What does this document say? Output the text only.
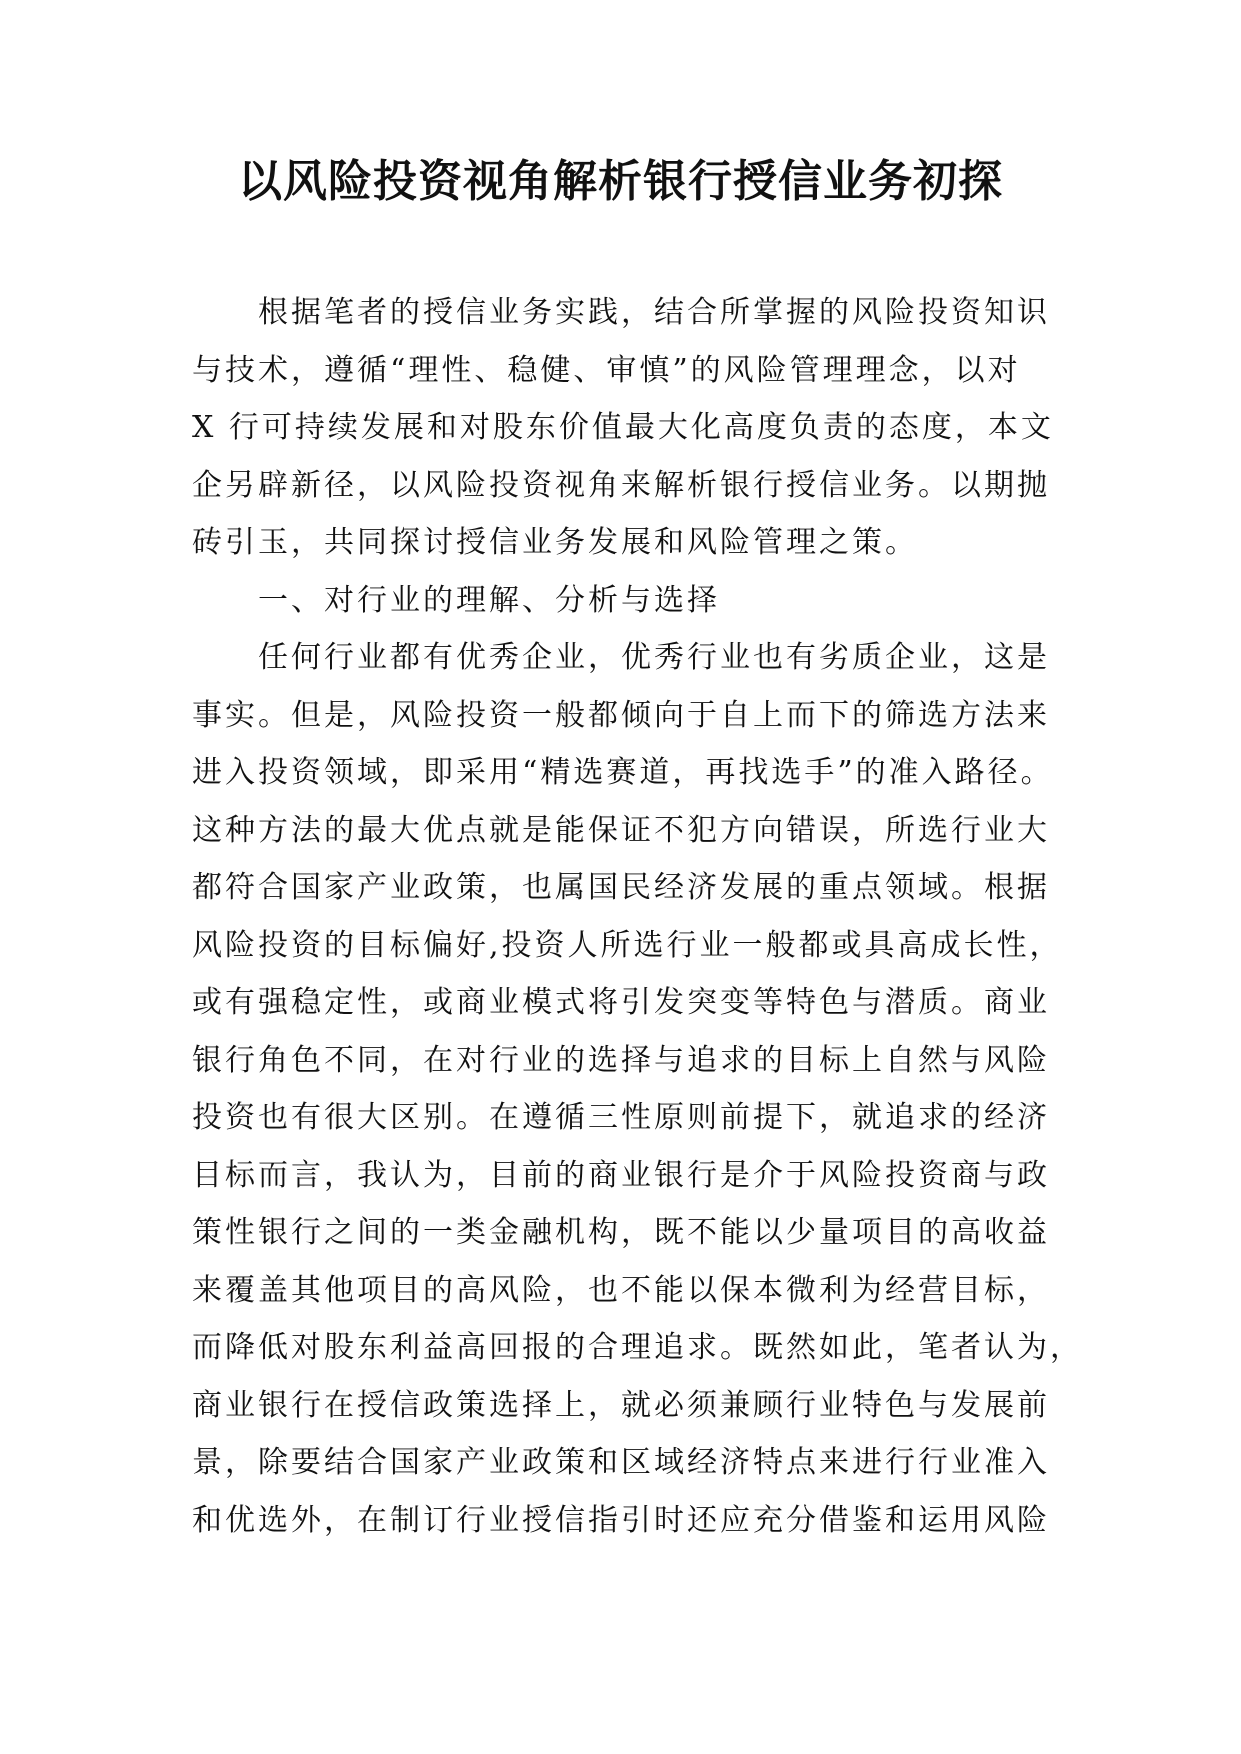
以风险投资视角解析银行授信业务初探
根据笔者的授信业务实践，结合所掌握的风险投资知识
与技术，遵循“理性、稳健、审慎”的风险管理理念，以对
X 行可持续发展和对股东价值最大化高度负责的态度，本文
企另辟新径，以风险投资视角来解析银行授信业务。以期抛
砖引玉，共同探讨授信业务发展和风险管理之策。
一、对行业的理解、分析与选择
任何行业都有优秀企业，优秀行业也有劣质企业，这是
事实。但是，风险投资一般都倾向于自上而下的筛选方法来
进入投资领域，即采用“精选赛道，再找选手”的准入路径。
这种方法的最大优点就是能保证不犯方向错误，所选行业大
都符合国家产业政策，也属国民经济发展的重点领域。根据
风险投资的目标偏好,投资人所选行业一般都或具高成长性，
或有强稳定性，或商业模式将引发突变等特色与潜质。商业
银行角色不同，在对行业的选择与追求的目标上自然与风险
投资也有很大区别。在遵循三性原则前提下，就追求的经济
目标而言，我认为，目前的商业银行是介于风险投资商与政
策性银行之间的一类金融机构，既不能以少量项目的高收益
来覆盖其他项目的高风险，也不能以保本微利为经营目标，
而降低对股东利益高回报的合理追求。既然如此，笔者认为，
商业银行在授信政策选择上，就必须兼顾行业特色与发展前
景，除要结合国家产业政策和区域经济特点来进行行业准入
和优选外，在制订行业授信指引时还应充分借鉴和运用风险
